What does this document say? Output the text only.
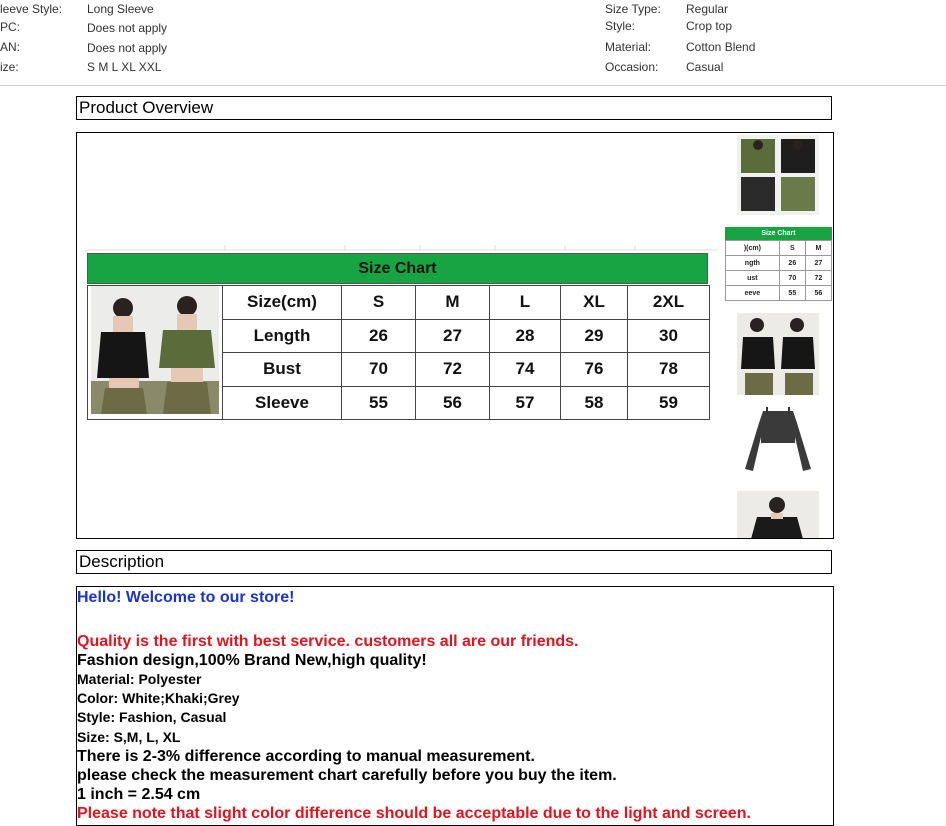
leeve Style: Long Sleeve
PC:	Does not apply
AN:	Does not apply
ize:	S M L XL XXL
Size Type: Regular
Style:	Crop top
Material:	Cotton Blend
Occasion: Casual
Product Overview
Size Chart
	Size(cm)	S	M	L	XL	2XL
	Length	26	27	28	29	30
	Bust	70	72	74	76	78
	Sleeve	55	56	57	58	59
Size Chart
)(cm)	S	M
ngth	26	27
ust	70	72
eeve	55	56
Description

Hello! Welcome to our store!

Quality is the first with best service. customers all are our friends.

Fashion design,100% Brand New,high quality!

Material: Polyester

Color: White;Khaki;Grey

Style: Fashion, Casual

Size: S,M, L, XL

There is 2-3% difference according to manual measurement.

please check the measurement chart carefully before you buy the item.

1 inch = 2.54 cm

Please note that slight color difference should be acceptable due to the light and screen.
